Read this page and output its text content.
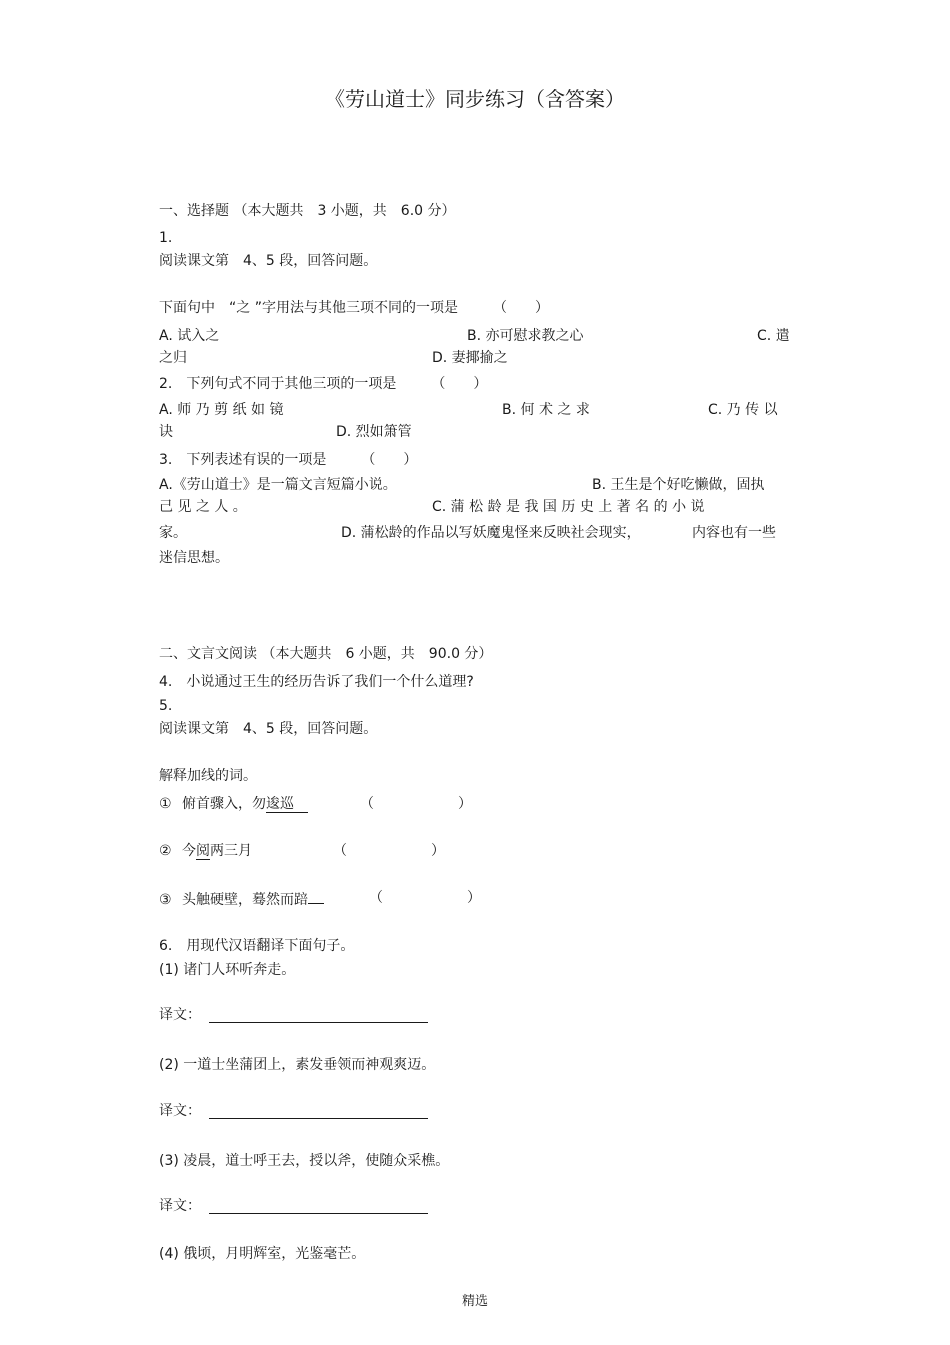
《劳山道士》同步练习（含答案）
一、选择题 （本大题共　3 小题，共　6.0 分）
1.
阅读课文第　4、5 段，回答问题。
下面句中　“之 ”字用法与其他三项不同的一项是　　　（　　）
A. 试入之	B. 亦可慰求教之心	C. 遣
之归	D. 妻揶揄之
2.　下列句式不同于其他三项的一项是　　　（　　）
A. 师 乃 剪 纸 如 镜	B. 何 术 之 求	C. 乃 传 以
诀	D. 烈如箫管
3.　下列表述有误的一项是　　　（　　）
A.《劳山道士》是一篇文言短篇小说。	B. 王生是个好吃懒做，固执
己 见 之 人 。	C. 蒲 松 龄 是 我 国 历 史 上 著 名 的 小 说
家。	D. 蒲松龄的作品以写妖魔鬼怪来反映社会现实，	内容也有一些
迷信思想。
二、文言文阅读 （本大题共　6 小题，共　90.0 分）
4.　小说通过王生的经历告诉了我们一个什么道理?
5.
阅读课文第　4、5 段，回答问题。
解释加线的词。
① 俯首骤入，勿逡巡	（　　　　　　）
② 今阅两三月	（　　　　　　）
③ 头触硬壁，蓦然而踣	（　　　　　　）
6.　用现代汉语翻译下面句子。
(1) 诸门人环听奔走。
译文：
(2) 一道士坐蒲团上，素发垂领而神观爽迈。
译文：
(3) 凌晨，道士呼王去，授以斧，使随众采樵。
译文：
(4) 俄顷，月明辉室，光鉴毫芒。
精选
